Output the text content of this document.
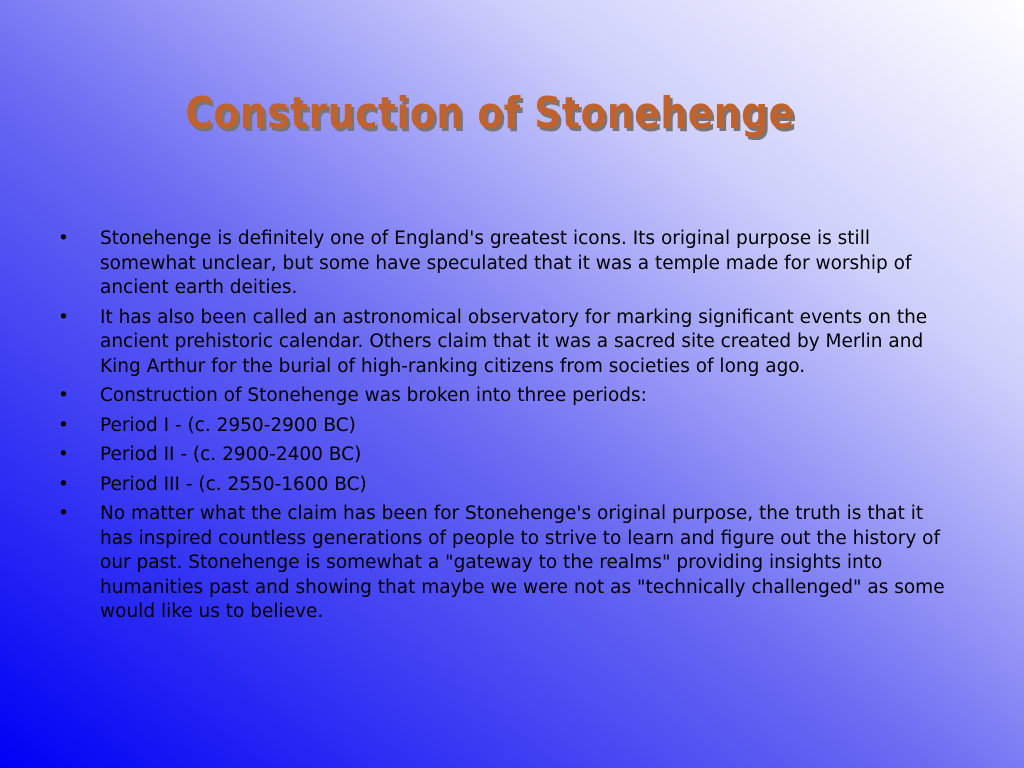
Construction of Stonehenge
•	Stonehenge is definitely one of England's greatest icons. Its original purpose is still somewhat unclear, but some have speculated that it was a temple made for worship of ancient earth deities.
•	It has also been called an astronomical observatory for marking significant events on the ancient prehistoric calendar. Others claim that it was a sacred site created by Merlin and King Arthur for the burial of high-ranking citizens from societies of long ago.
•	Construction of Stonehenge was broken into three periods:
•	Period I - (c. 2950-2900 BC)
•	Period II - (c. 2900-2400 BC)
•	Period III - (c. 2550-1600 BC)
•	No matter what the claim has been for Stonehenge's original purpose, the truth is that it has inspired countless generations of people to strive to learn and figure out the history of our past. Stonehenge is somewhat a "gateway to the realms" providing insights into humanities past and showing that maybe we were not as "technically challenged" as some would like us to believe.
